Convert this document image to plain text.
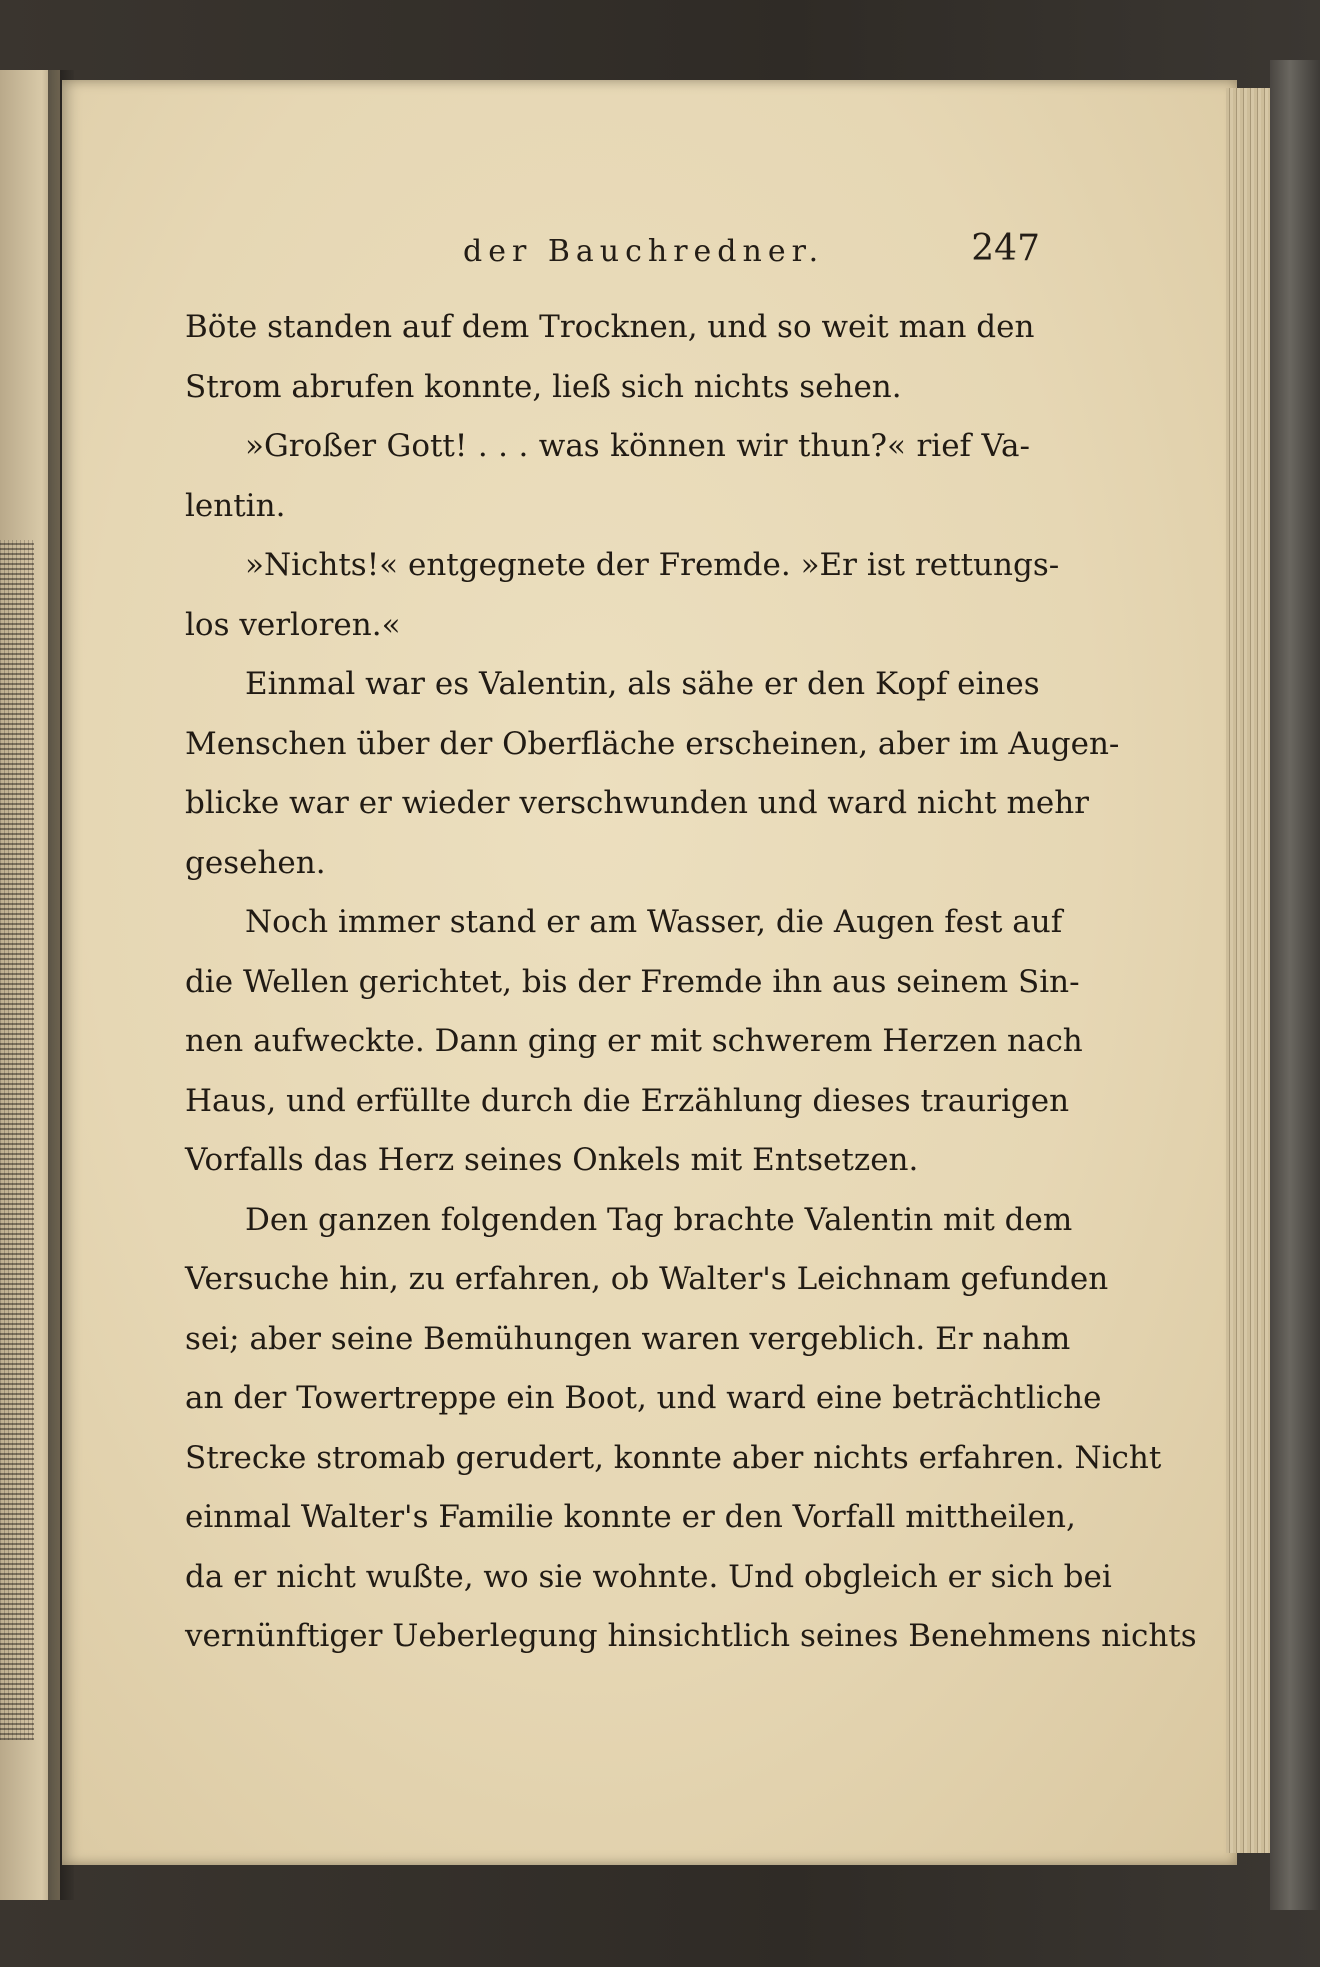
der Bauchredner.	247
Böte standen auf dem Trocknen, und so weit man den
Strom abrufen konnte, ließ sich nichts sehen.
»Großer Gott! . . . was können wir thun?« rief Va-
lentin.
»Nichts!« entgegnete der Fremde. »Er ist rettungs-
los verloren.«
Einmal war es Valentin, als sähe er den Kopf eines
Menschen über der Oberfläche erscheinen, aber im Augen-
blicke war er wieder verschwunden und ward nicht mehr
gesehen.
Noch immer stand er am Wasser, die Augen fest auf
die Wellen gerichtet, bis der Fremde ihn aus seinem Sin-
nen aufweckte. Dann ging er mit schwerem Herzen nach
Haus, und erfüllte durch die Erzählung dieses traurigen
Vorfalls das Herz seines Onkels mit Entsetzen.
Den ganzen folgenden Tag brachte Valentin mit dem
Versuche hin, zu erfahren, ob Walter's Leichnam gefunden
sei; aber seine Bemühungen waren vergeblich. Er nahm
an der Towertreppe ein Boot, und ward eine beträchtliche
Strecke stromab gerudert, konnte aber nichts erfahren. Nicht
einmal Walter's Familie konnte er den Vorfall mittheilen,
da er nicht wußte, wo sie wohnte. Und obgleich er sich bei
vernünftiger Ueberlegung hinsichtlich seines Benehmens nichts
